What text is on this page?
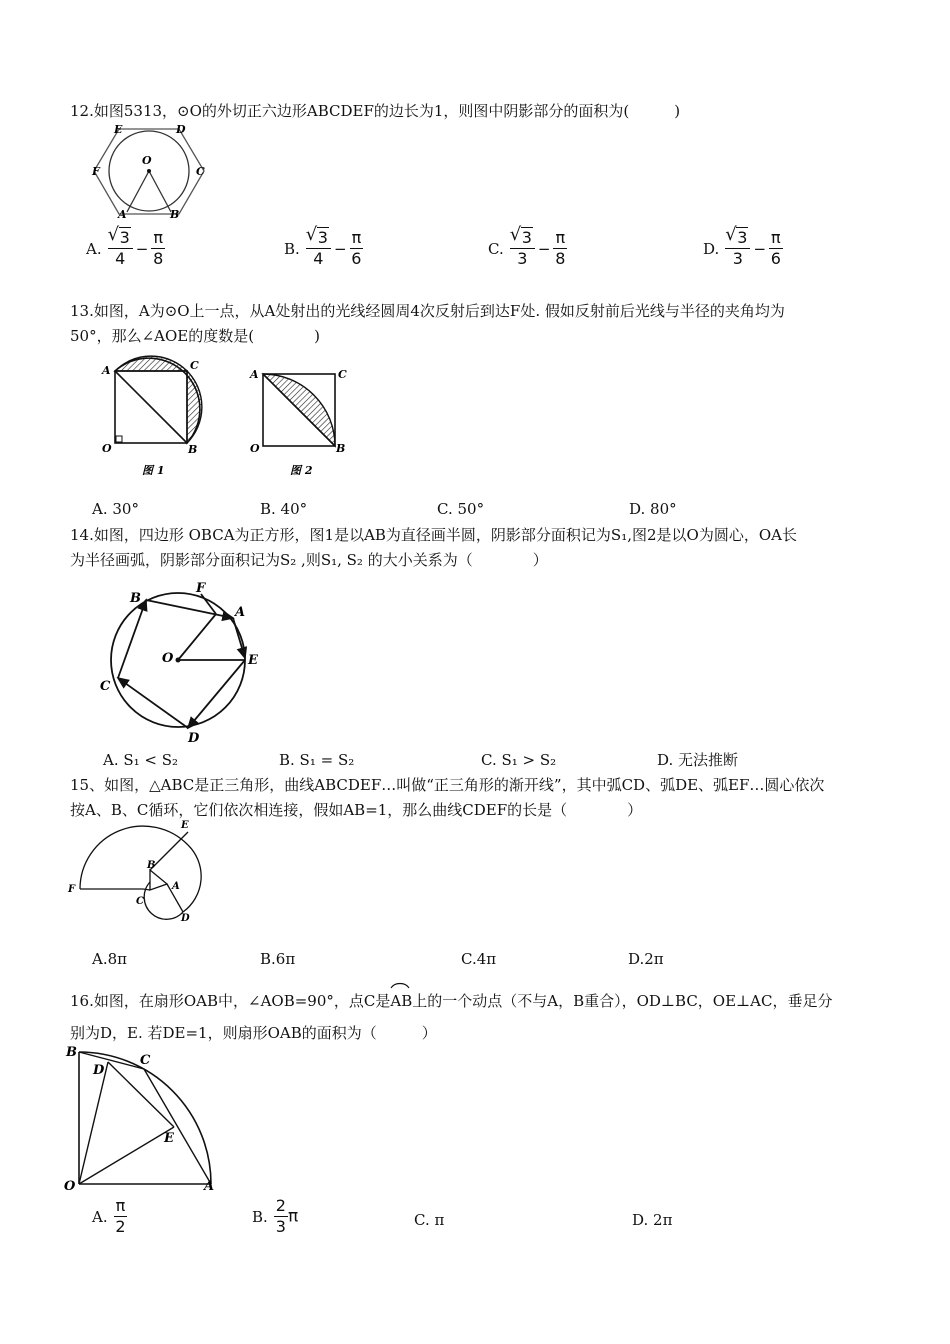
12.如图5313，⊙O的外切正六边形ABCDEF的边长为1，则图中阴影部分的面积为(　　　)
E	D
F
O
C
A	B
A. √ $\frac{3}{4} - \frac{\pi}{8}$	B. √ $\frac{3}{4} - \frac{\pi}{6}$	C. √ $\frac{3}{3} - \frac{\pi}{8}$	D. √ $\frac{3}{3} - \frac{\pi}{6}$
13.如图，A为⊙O上一点，从A处射出的光线经圆周4次反射后到达F处. 假如反射前后光线与半径的夹角均为
50°，那么∠AOE的度数是(　　　　)
A	C
O	B
图 1
A	C
O	B
图 2
A. 30°	B. 40°	C. 50°	D. 80°
14.如图，四边形 OBCA为正方形，图1是以AB为直径画半圆，阴影部分面积记为S₁,图2是以O为圆心，OA长
为半径画弧，阴影部分面积记为S₂ ,则S₁, S₂ 的大小关系为（　　　　）
B
F
A
O	E
C
D
A. S₁ < S₂	B. S₁ = S₂	C. S₁ > S₂	D. 无法推断
15、如图，△ABC是正三角形，曲线ABCDEF…叫做“正三角形的渐开线”，其中弧CD、弧DE、弧EF…圆心依次
按A、B、C循环，它们依次相连接，假如AB=1，那么曲线CDEF的长是（　　　　）
E
B
A
F
C
D
A.8π	B.6π	C.4π	D.2π
16.如图，在扇形OAB中，∠AOB=90°，点C是
AB上的一个动点（不与A，B重合），OD⊥BC，OE⊥AC，垂足分
别为D，E. 若DE=1，则扇形OAB的面积为（　　　）
B
C
D
E
O	A
A. $\frac{\pi}{2}$	B. $\frac{2}{3}$ π	C. π	D. 2π
